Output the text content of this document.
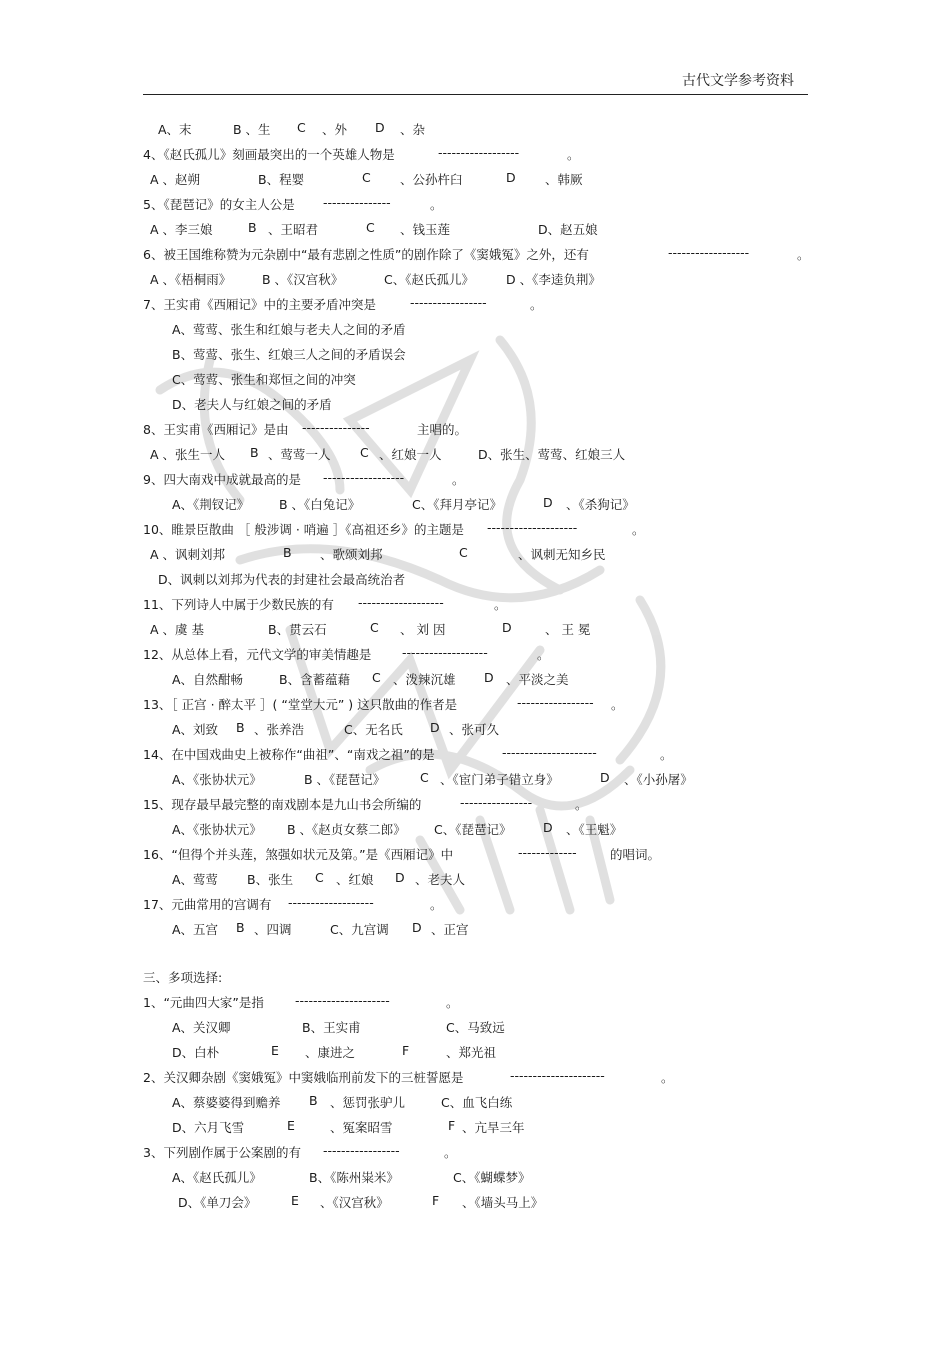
古代文学参考资料
A、末	B 、生 C 、外 D 、杂
4、《赵氏孤儿》刻画最突出的一个英雄人物是	------------------	。
A 、赵朔	B、程婴	C 、公孙杵臼	D 、韩厥
5、《琵琶记》的女主人公是 ---------------	。
A 、李三娘	B 、王昭君	C 、钱玉莲	D、赵五娘
6、被王国维称赞为元杂剧中“最有悲剧之性质”的剧作除了《窦娥冤》之外，还有	------------------	。
A 、《梧桐雨》 B 、《汉宫秋》	C、《赵氏孤儿》	D 、《李逵负荆》
7、王实甫《西厢记》中的主要矛盾冲突是	-----------------	。
A、莺莺、张生和红娘与老夫人之间的矛盾
B、莺莺、张生、红娘三人之间的矛盾误会
C、莺莺、张生和郑恒之间的冲突
D、老夫人与红娘之间的矛盾
8、王实甫《西厢记》是由 ---------------	主唱的。
A 、张生一人 B 、莺莺一人 C 、红娘一人	D、张生、莺莺、红娘三人
9、四大南戏中成就最高的是 ------------------	。
A、《荆钗记》 B 、《白兔记》	C、《拜月亭记》	D 、《杀狗记》
10、睢景臣散曲 ［ 般涉调 · 哨遍 ］《高祖还乡》的主题是 --------------------	。
A 、讽刺刘邦	B 、歌颂刘邦	C	、讽刺无知乡民
D、讽刺以刘邦为代表的封建社会最高统治者
11、下列诗人中属于少数民族的有 -------------------	。
A 、虞 基	B、贯云石	C 、 刘 因	D	、 王 冕
12、从总体上看，元代文学的审美情趣是 -------------------	。
A、自然酣畅	B、含蓄蕴藉 C 、泼辣沉雄 D 、平淡之美
13、［ 正宫 · 醉太平 ］( “堂堂大元” ) 这只散曲的作者是	----------------- 。
A、刘致 B 、张养浩	C、无名氏 D 、张可久
14、在中国戏曲史上被称作“曲祖”、“南戏之祖”的是	---------------------	。
A、《张协状元》	B 、《琵琶记》	C 、《宦门弟子错立身》	D 、《小孙屠》
15、现存最早最完整的南戏剧本是九山书会所编的	----------------	。
A、《张协状元》 B 、《赵贞女蔡二郎》 C、《琵琶记》	D 、《王魁》
16、“但得个并头莲，煞强如状元及第。”是《西厢记》中	-------------	的唱词。
A、莺莺 B、张生 C 、红娘 D 、老夫人
17、元曲常用的宫调有 -------------------	。
A、五宫 B 、四调	C、九宫调 D 、正宫
三、多项选择:
1、“元曲四大家”是指 ---------------------	。
A、关汉卿	B、王实甫	C、马致远
D、白朴	E 、康进之	F	、郑光祖
2、关汉卿杂剧《窦娥冤》中窦娥临刑前发下的三桩誓愿是	---------------------	。
A、蔡婆婆得到赡养 B 、惩罚张驴儿	C、血飞白练
D、六月飞雪	E	、冤案昭雪	F 、亢旱三年
3、下列剧作属于公案剧的有 -----------------	。
A、《赵氏孤儿》	B、《陈州粜米》	C、《蝴蝶梦》
D、《单刀会》	E 、《汉宫秋》	F 、《墙头马上》
